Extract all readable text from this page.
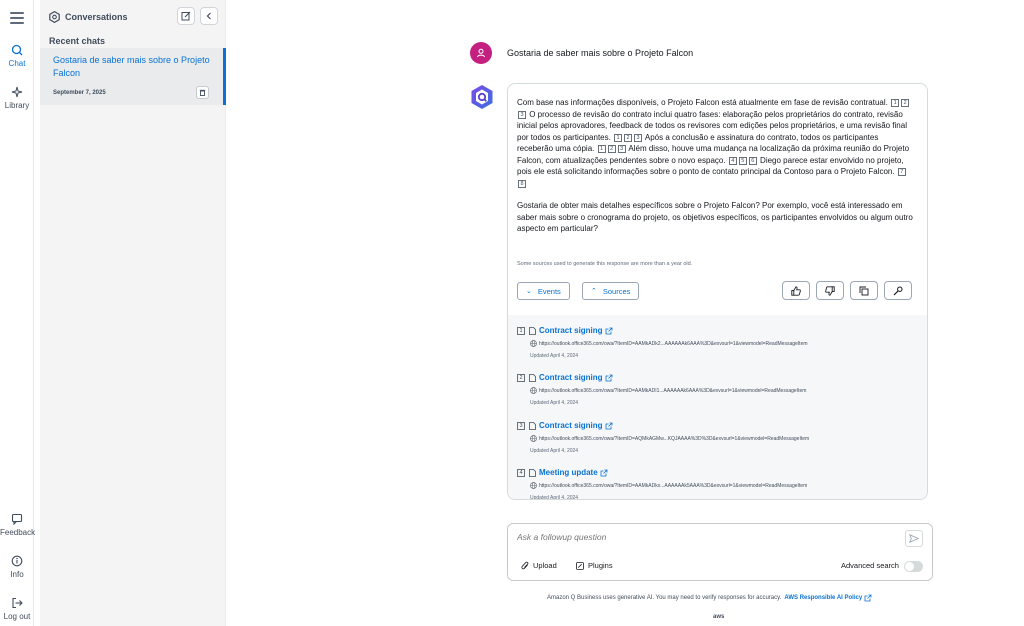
Chat
Library
Feedback
Info
Log out
Conversations
Recent chats
Gostaria de saber mais sobre o Projeto Falcon
September 7, 2025
Gostaria de saber mais sobre o Projeto Falcon

Com base nas informações disponíveis, o Projeto Falcon está atualmente em fase de revisão contratual. 1 23 O processo de revisão do contrato inclui quatro fases: elaboração pelos proprietários do contrato, revisão inicial pelos aprovadores, feedback de todos os revisores com edições pelos proprietários, e uma revisão final por todos os participantes. 1 2 3 Após a conclusão e assinatura do contrato, todos os participantes receberão uma cópia. 1 2 3 Além disso, houve uma mudança na localização da próxima reunião do Projeto Falcon, com atualizações pendentes sobre o novo espaço. 4 5 6 Diego parece estar envolvido no projeto, pois ele está solicitando informações sobre o ponto de contato principal da Contoso para o Projeto Falcon. 78

Gostaria de obter mais detalhes específicos sobre o Projeto Falcon? Por exemplo, você está interessado em saber mais sobre o cronograma do projeto, os objetivos específicos, os participantes envolvidos ou algum outro aspecto em particular?

Some sources used to generate this response are more than a year old.
⌄ Events	⌃ Sources
1	Contract signing
https://outlook.office365.com/owa/?ItemID=AAMkADk2...AAAAAAk6AAA%3D&exvsurl=1&viewmodel=ReadMessageItem
Updated April 4, 2024
2	Contract signing
https://outlook.office365.com/owa/?ItemID=AAMkADI1...AAAAAAk6AAA%3D&exvsurl=1&viewmodel=ReadMessageItem
Updated April 4, 2024
3	Contract signing
https://outlook.office365.com/owa/?ItemID=AQMkAGMw...KQJAAAA%3D%3D&exvsurl=1&viewmodel=ReadMessageItem
Updated April 4, 2024
4	Meeting update
https://outlook.office365.com/owa/?ItemID=AAMkADkx...AAAAAAk5AAA%3D&exvsurl=1&viewmodel=ReadMessageItem
Updated April 4, 2024
Ask a followup question
Upload	Plugins	Advanced search
Amazon Q Business uses generative AI. You may need to verify responses for accuracy. AWS Responsible AI Policy
aws
